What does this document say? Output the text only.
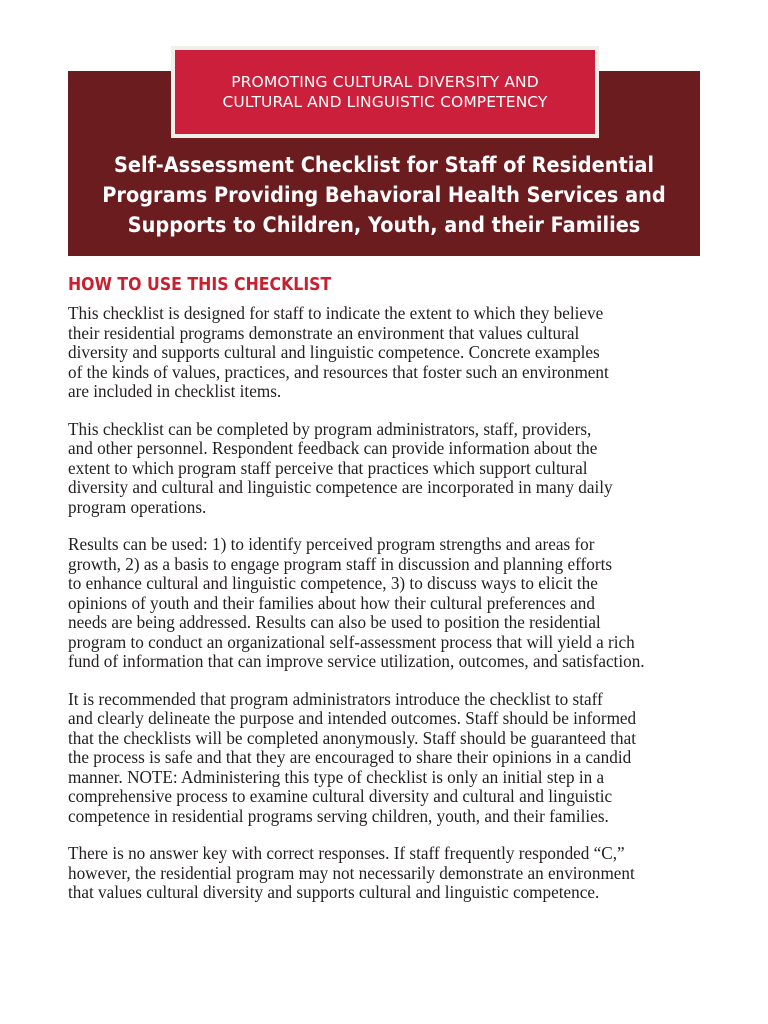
PROMOTING CULTURAL DIVERSITY AND
CULTURAL AND LINGUISTIC COMPETENCY
Self-Assessment Checklist for Staff of Residential
Programs Providing Behavioral Health Services and
Supports to Children, Youth, and their Families
HOW TO USE THIS CHECKLIST
This checklist is designed for staff to indicate the extent to which they believe
their residential programs demonstrate an environment that values cultural
diversity and supports cultural and linguistic competence. Concrete examples
of the kinds of values, practices, and resources that foster such an environment
are included in checklist items.
This checklist can be completed by program administrators, staff, providers,
and other personnel. Respondent feedback can provide information about the
extent to which program staff perceive that practices which support cultural
diversity and cultural and linguistic competence are incorporated in many daily
program operations.
Results can be used: 1) to identify perceived program strengths and areas for
growth, 2) as a basis to engage program staff in discussion and planning efforts
to enhance cultural and linguistic competence, 3) to discuss ways to elicit the
opinions of youth and their families about how their cultural preferences and
needs are being addressed. Results can also be used to position the residential
program to conduct an organizational self-assessment process that will yield a rich
fund of information that can improve service utilization, outcomes, and satisfaction.
It is recommended that program administrators introduce the checklist to staff
and clearly delineate the purpose and intended outcomes. Staff should be informed
that the checklists will be completed anonymously. Staff should be guaranteed that
the process is safe and that they are encouraged to share their opinions in a candid
manner. NOTE: Administering this type of checklist is only an initial step in a
comprehensive process to examine cultural diversity and cultural and linguistic
competence in residential programs serving children, youth, and their families.
There is no answer key with correct responses. If staff frequently responded “C,”
however, the residential program may not necessarily demonstrate an environment
that values cultural diversity and supports cultural and linguistic competence.
